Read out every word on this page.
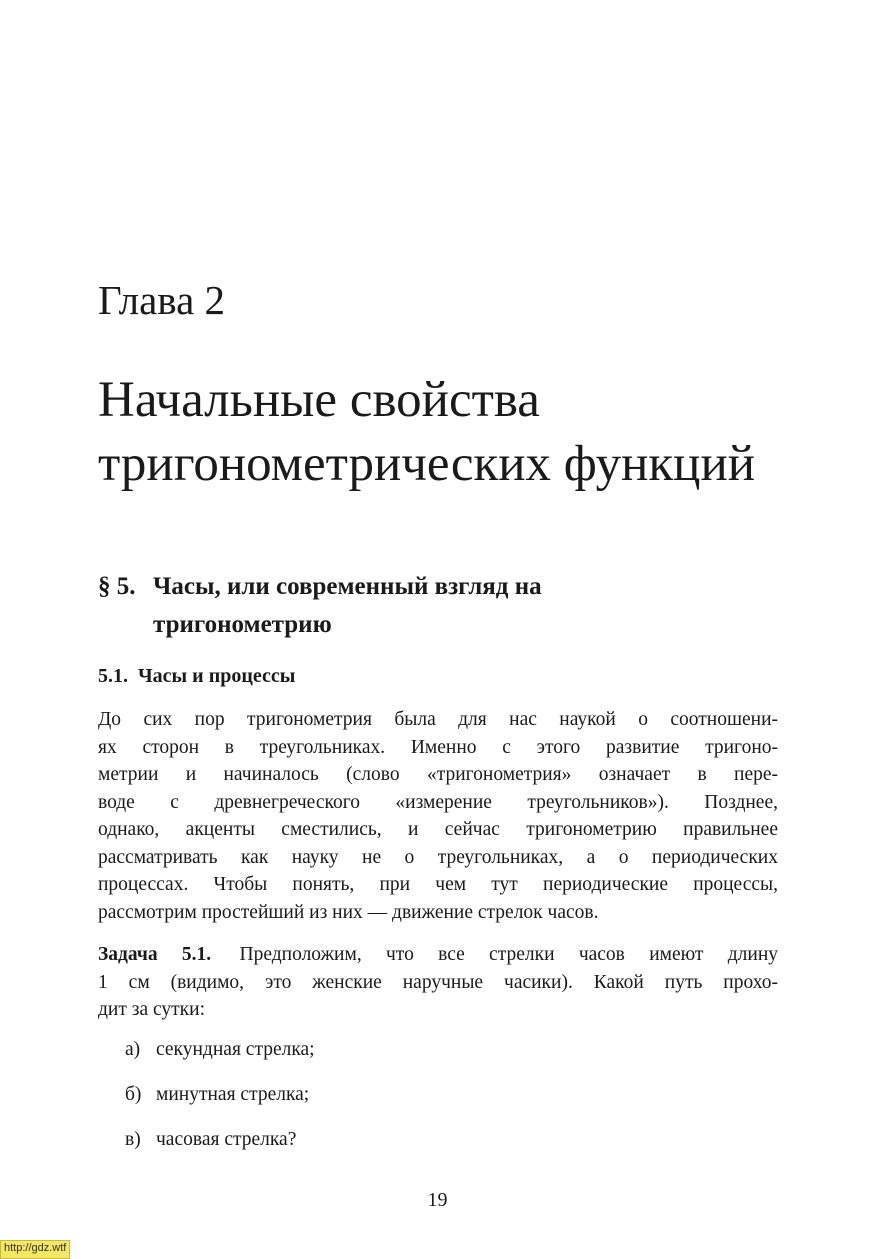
Глава 2
Начальные свойства
тригонометрических функций
§ 5. Часы, или современный взгляд на
тригонометрию
5.1. Часы и процессы
До сих пор тригонометрия была для нас наукой о соотношени-
ях сторон в треугольниках. Именно с этого развитие тригоно-
метрии и начиналось (слово «тригонометрия» означает в пере-
воде с древнегреческого «измерение треугольников»). Позднее,
однако, акценты сместились, и сейчас тригонометрию правильнее
рассматривать как науку не о треугольниках, а о периодических
процессах. Чтобы понять, при чем тут периодические процессы,
рассмотрим простейший из них — движение стрелок часов.
Задача 5.1. Предположим, что все стрелки часов имеют длину
1 см (видимо, это женские наручные часики). Какой путь прохо-
дит за сутки:
а) секундная стрелка;
б) минутная стрелка;
в) часовая стрелка?
19
http://gdz.wtf
